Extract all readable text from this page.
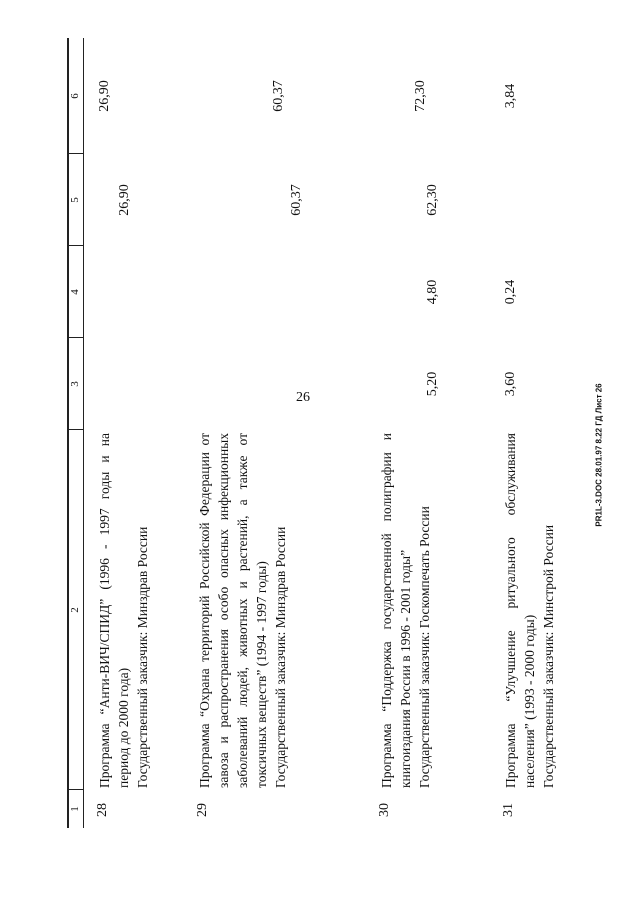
26
1
2
3
4
5
6
28

Программа “Анти-ВИЧ/СПИД” (1996 - 1997 годы и на период до 2000 года) Государственный заказчик: Минздрав России

26,90
26,90
29

Программа “Охрана территорий Российской Федерации от завоза и распространения особо опасных инфекционных заболеваний людей, животных и растений, а также от токсичных веществ” (1994 - 1997 годы) Государственный заказчик: Минздрав России

60,37
60,37
30

Программа “Поддержка государственной полиграфии и книгоиздания России в 1996 - 2001 годы” Государственный заказчик: Госкомпечать России

5,20
4,80
62,30
72,30
31

Программа “Улучшение ритуального обслуживания населения” (1993 - 2000 годы) Государственный заказчик: Минстрой России

3,60
0,24
3,84
PR1L-3.DOC 28.01.97 8.22 ГД Лист 26
